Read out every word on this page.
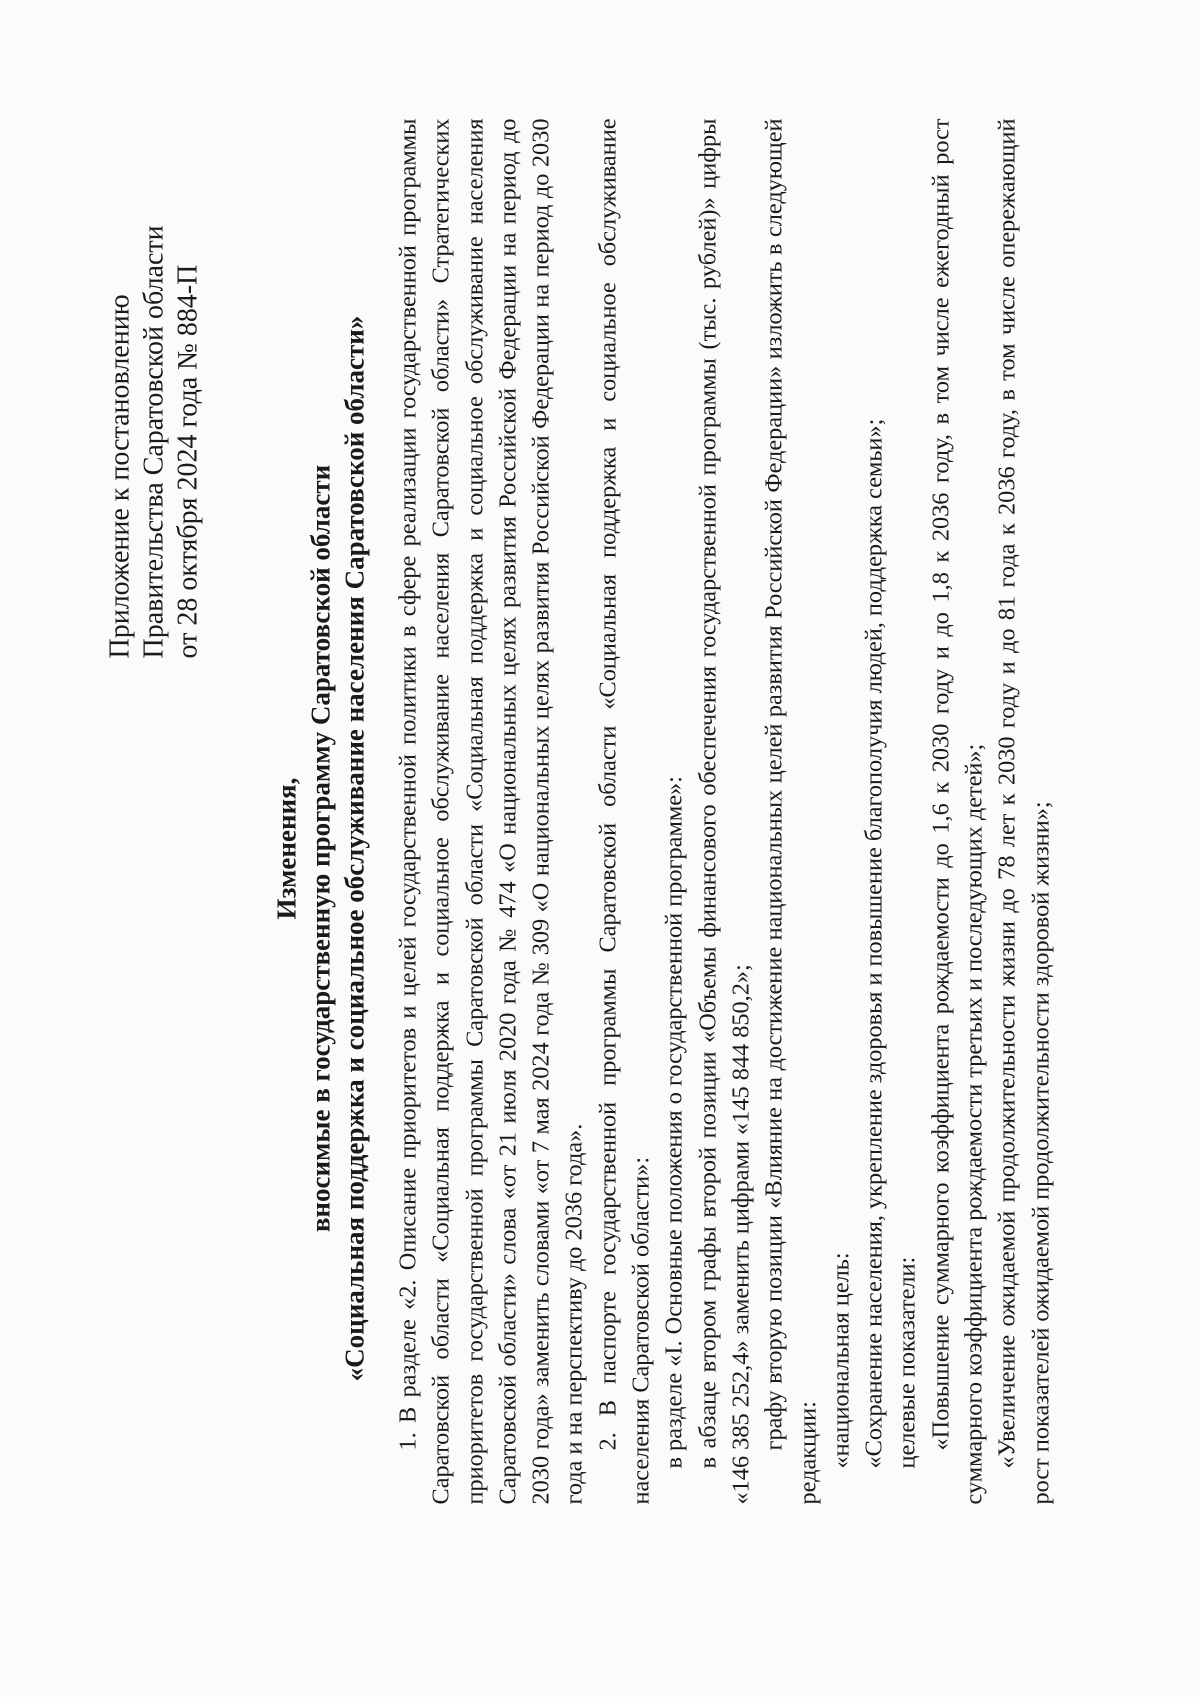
Приложение к постановлению Правительства Саратовской области от 28 октября 2024 года № 884-П
Изменения, вносимые в государственную программу Саратовской области «Социальная поддержка и социальное обслуживание населения Саратовской области» 1. В разделе «2. Описание приоритетов и целей государственной политики в сфере реализации государственной программы Саратовской области «Социальная поддержка и социальное обслуживание населения Саратовской области» Стратегических приоритетов государственной программы Саратовской области «Социальная поддержка и социальное обслуживание населения Саратовской области» слова «от 21 июля 2020 года № 474 «О национальных целях развития Российской Федерации на период до 2030 года» заменить словами «от 7 мая 2024 года № 309 «О национальных целях развития Российской Федерации на период до 2030 года и на перспективу до 2036 года». 2. В паспорте государственной программы Саратовской области «Социальная поддержка и социальное обслуживание населения Саратовской области»: в разделе «I. Основные положения о государственной программе»: в абзаце втором графы второй позиции «Объемы финансового обеспечения государственной программы (тыс. рублей)» цифры «146 385 252,4» заменить цифрами «145 844 850,2»; графу вторую позиции «Влияние на достижение национальных целей развития Российской Федерации» изложить в следующей редакции: «национальная цель: «Сохранение населения, укрепление здоровья и повышение благополучия людей, поддержка семьи»; целевые показатели: «Повышение суммарного коэффициента рождаемости до 1,6 к 2030 году и до 1,8 к 2036 году, в том числе ежегодный рост суммарного коэффициента рождаемости третьих и последующих детей»; «Увеличение ожидаемой продолжительности жизни до 78 лет к 2030 году и до 81 года к 2036 году, в том числе опережающий рост показателей ожидаемой продолжительности здоровой жизни»;
